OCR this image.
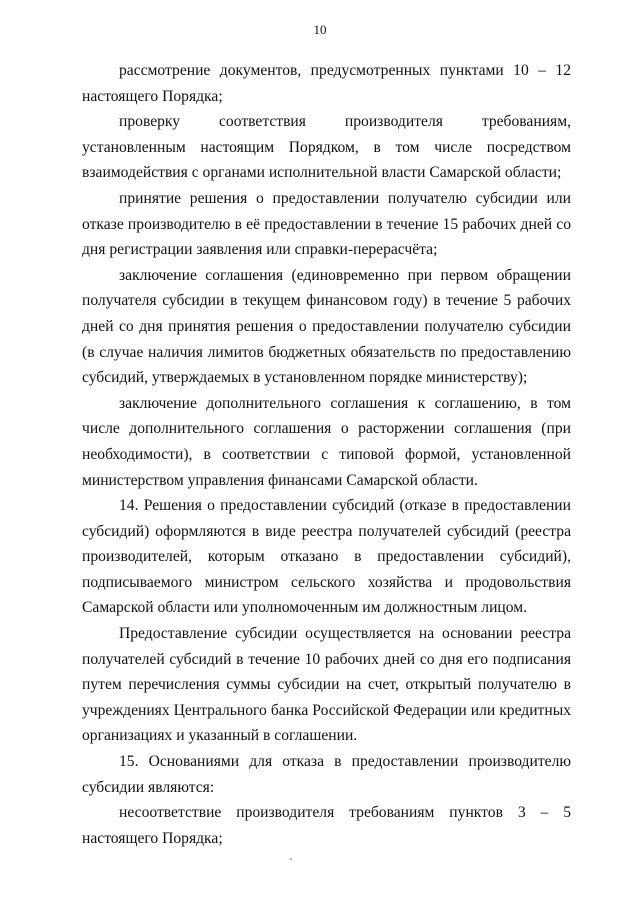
10

рассмотрение документов, предусмотренных пунктами 10 – 12 настоящего Порядка;

проверку соответствия производителя требованиям, установленным настоящим Порядком, в том числе посредством взаимодействия с органами исполнительной власти Самарской области;

принятие решения о предоставлении получателю субсидии или отказе производителю в её предоставлении в течение 15 рабочих дней со дня регистрации заявления или справки-перерасчёта;

заключение соглашения (единовременно при первом обращении получателя субсидии в текущем финансовом году) в течение 5 рабочих дней со дня принятия решения о предоставлении получателю субсидии (в случае наличия лимитов бюджетных обязательств по предоставлению субсидий, утверждаемых в установленном порядке министерству);

заключение дополнительного соглашения к соглашению, в том числе дополнительного соглашения о расторжении соглашения (при необходимости), в соответствии с типовой формой, установленной министерством управления финансами Самарской области.

14. Решения о предоставлении субсидий (отказе в предоставлении субсидий) оформляются в виде реестра получателей субсидий (реестра производителей, которым отказано в предоставлении субсидий), подписываемого министром сельского хозяйства и продовольствия Самарской области или уполномоченным им должностным лицом.

Предоставление субсидии осуществляется на основании реестра получателей субсидий в течение 10 рабочих дней со дня его подписания путем перечисления суммы субсидии на счет, открытый получателю в учреждениях Центрального банка Российской Федерации или кредитных организациях и указанный в соглашении.

15. Основаниями для отказа в предоставлении производителю субсидии являются:

несоответствие производителя требованиям пунктов 3 – 5 настоящего Порядка;
